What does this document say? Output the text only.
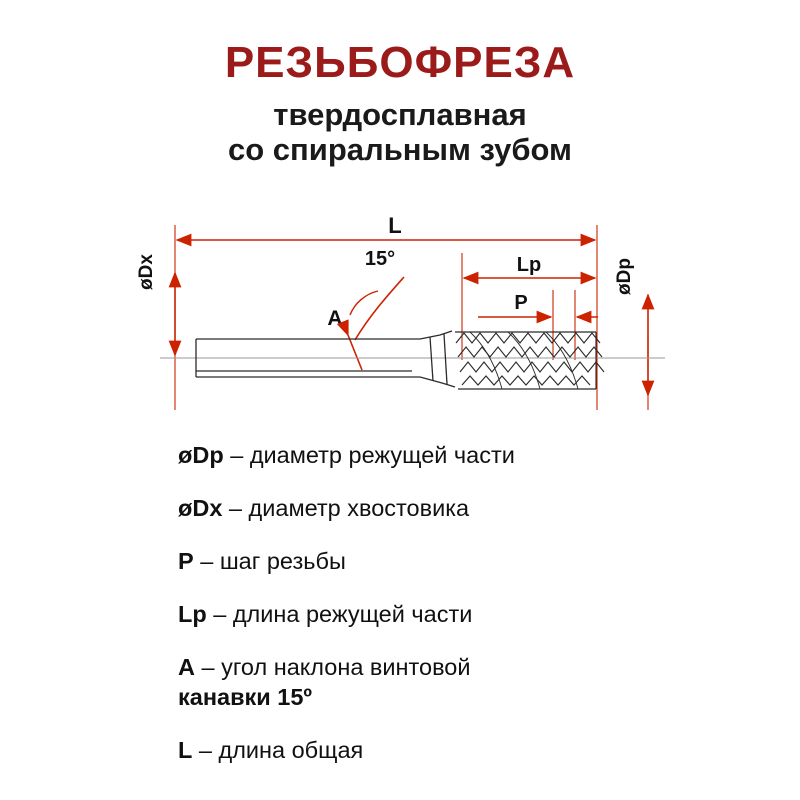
РЕЗЬБОФРЕЗА
твердосплавная
со спиральным зубом
L
Lp
P
øDx	øDp
15°
A
øDp – диаметр режущей части
øDx – диаметр хвостовика
P – шаг резьбы
Lp – длина режущей части
A – угол наклона винтовой
канавки 15º
L – длина общая
